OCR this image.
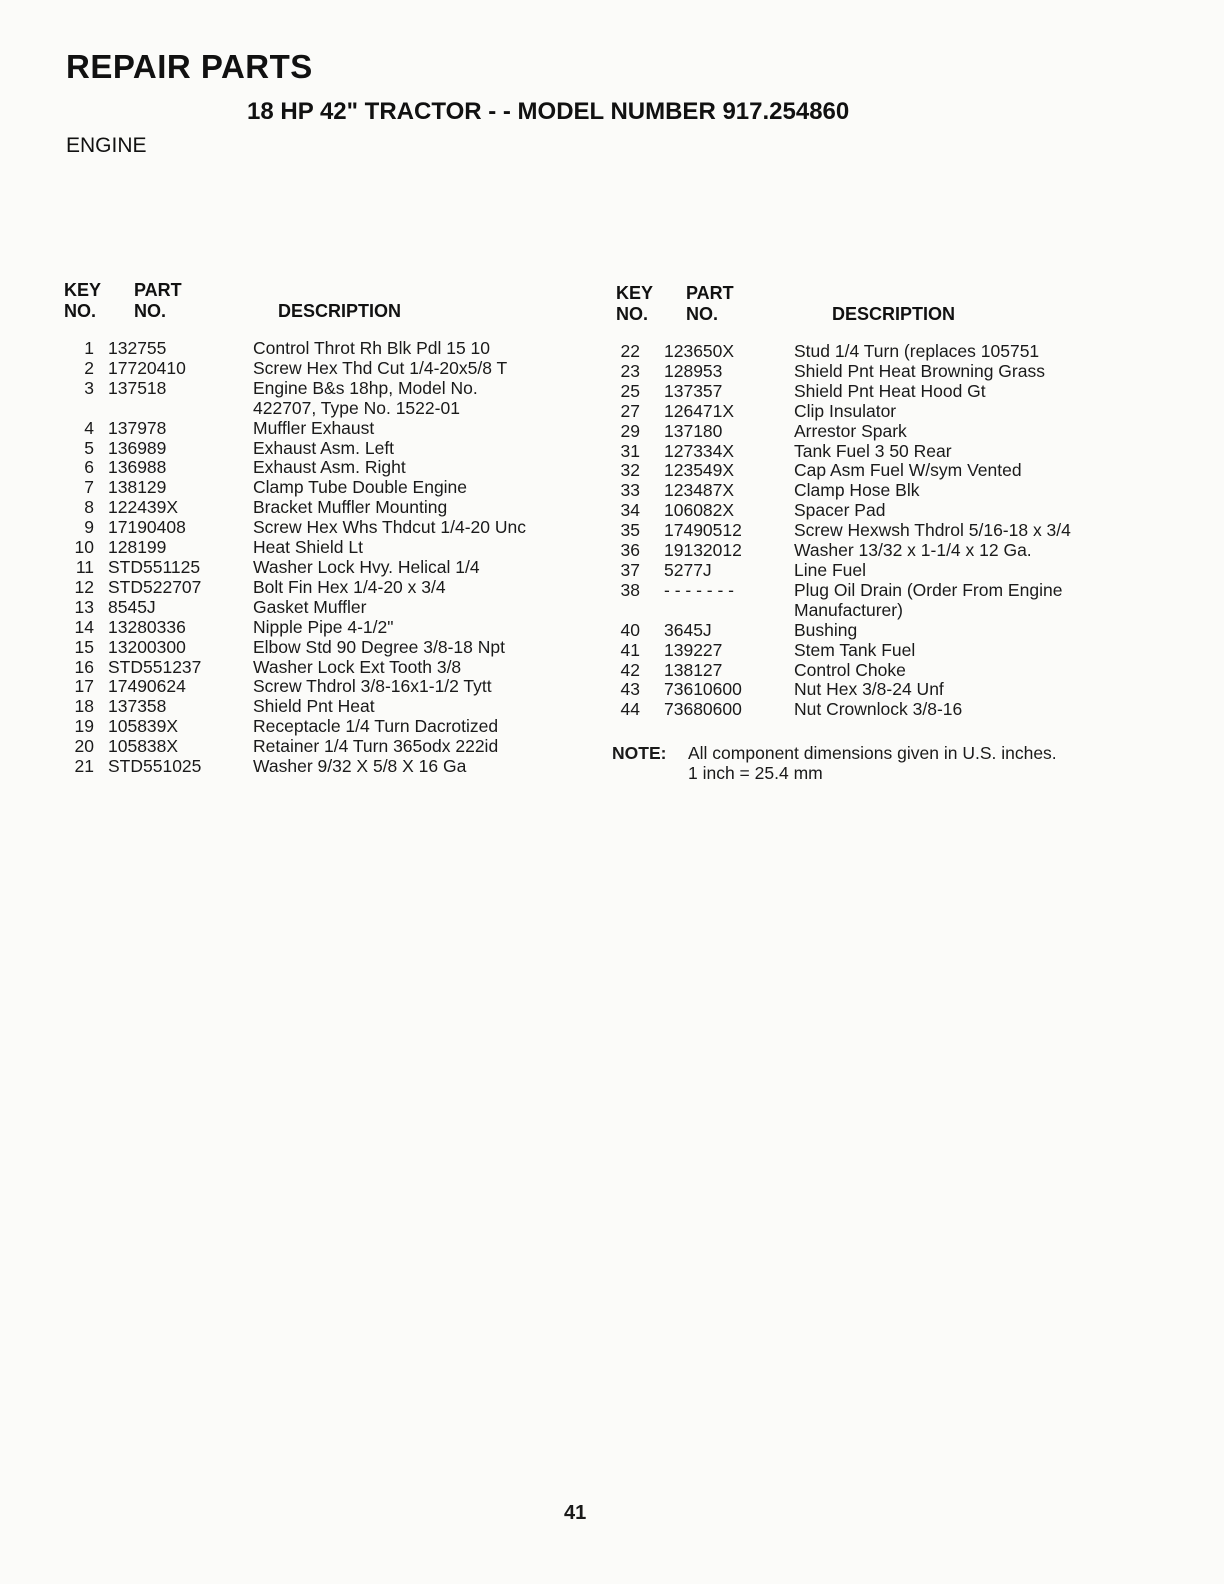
REPAIR PARTS
18 HP 42" TRACTOR - - MODEL NUMBER 917.254860
ENGINE
KEY
NO.
PART
NO.	DESCRIPTION
1 132755	Control Throt Rh Blk Pdl 15 10
2 17720410	Screw Hex Thd Cut 1/4-20x5/8 T
3 137518	Engine B&s 18hp, Model No.
422707, Type No. 1522-01
4 137978	Muffler Exhaust
5 136989	Exhaust Asm. Left
6 136988	Exhaust Asm. Right
7 138129	Clamp Tube Double Engine
8 122439X	Bracket Muffler Mounting
9 17190408	Screw Hex Whs Thdcut 1/4-20 Unc
10 128199	Heat Shield Lt
11 STD551125	Washer Lock Hvy. Helical 1/4
12 STD522707	Bolt Fin Hex 1/4-20 x 3/4
13 8545J	Gasket Muffler
14 13280336	Nipple Pipe 4-1/2"
15 13200300	Elbow Std 90 Degree 3/8-18 Npt
16 STD551237	Washer Lock Ext Tooth 3/8
17 17490624	Screw Thdrol 3/8-16x1-1/2 Tytt
18 137358	Shield Pnt Heat
19 105839X	Receptacle 1/4 Turn Dacrotized
20 105838X	Retainer 1/4 Turn 365odx 222id
21 STD551025	Washer 9/32 X 5/8 X 16 Ga
KEY
NO.
PART
NO.	DESCRIPTION
22	123650X	Stud 1/4 Turn (replaces 105751
23	128953	Shield Pnt Heat Browning Grass
25	137357	Shield Pnt Heat Hood Gt
27	126471X	Clip Insulator
29	137180	Arrestor Spark
31	127334X	Tank Fuel 3 50 Rear
32	123549X	Cap Asm Fuel W/sym Vented
33	123487X	Clamp Hose Blk
34	106082X	Spacer Pad
35	17490512	Screw Hexwsh Thdrol 5/16-18 x 3/4
36	19132012	Washer 13/32 x 1-1/4 x 12 Ga.
37	5277J	Line Fuel
38	- - - - - - -	Plug Oil Drain (Order From Engine
Manufacturer)
40	3645J	Bushing
41	139227	Stem Tank Fuel
42	138127	Control Choke
43	73610600	Nut Hex 3/8-24 Unf
44	73680600	Nut Crownlock 3/8-16
NOTE:	All component dimensions given in U.S. inches.
1 inch = 25.4 mm
41
